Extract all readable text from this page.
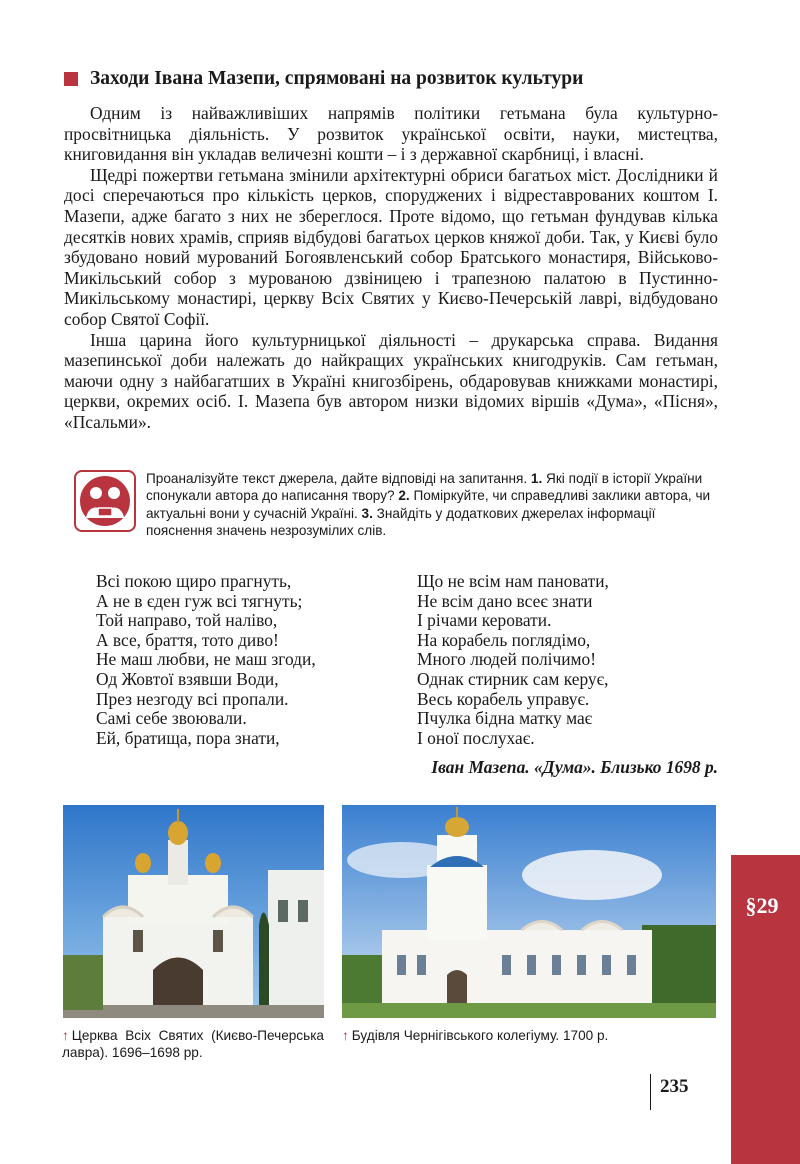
Заходи Івана Мазепи, спрямовані на розвиток культури

Одним із найважливіших напрямів політики гетьмана була культурно-просвітницька діяльність. У розвиток української освіти, науки, мистецтва, книговидання він укладав величезні кошти – і з державної скарбниці, і власні.

Щедрі пожертви гетьмана змінили архітектурні обриси багатьох міст. Дослідники й досі сперечаються про кількість церков, споруджених і відреставрованих коштом І. Мазепи, адже багато з них не збереглося. Проте відомо, що гетьман фундував кілька десятків нових храмів, сприяв відбудові багатьох церков княжої доби. Так, у Києві було збудовано новий мурований Богоявленський собор Братського монастиря, Військово-Микільський собор з мурованою дзвіницею і трапезною палатою в Пустинно-Микільському монастирі, церкву Всіх Святих у Києво-Печерській лаврі, відбудовано собор Святої Софії.

Інша царина його культурницької діяльності – друкарська справа. Видання мазепинської доби належать до найкращих українських книгодруків. Сам гетьман, маючи одну з найбагатших в Україні книгозбірень, обдаровував книжками монастирі, церкви, окремих осіб. І. Мазепа був автором низки відомих віршів «Дума», «Пісня», «Псальми».

Проаналізуйте текст джерела, дайте відповіді на запитання. 1. Які події в історії України спонукали автора до написання твору? 2. Поміркуйте, чи справедливі заклики автора, чи актуальні вони у сучасній Україні. 3. Знайдіть у додаткових джерелах інформації пояснення значень незрозумілих слів.
Всі покою щиро прагнуть,
А не в єден гуж всі тягнуть;
Той направо, той наліво,
А все, браття, тото диво!
Не маш любви, не маш згоди,
Од Жовтої взявши Води,
През незгоду всі пропали.
Самі себе звоювали.
Ей, братища, пора знати,
Що не всім нам пановати,
Не всім дано всеє знати
І річами керовати.
На корабель поглядімо,
Много людей полічимо!
Однак стирник сам керує,
Весь корабель управує.
Пчулка бідна матку має
І оної послухає.
Іван Мазепа. «Дума». Близько 1698 р.
↑ Церква Всіх Святих (Києво-Печерська лавра). 1696–1698 рр.
↑ Будівля Чернігівського колегіуму. 1700 р.
235
§29
